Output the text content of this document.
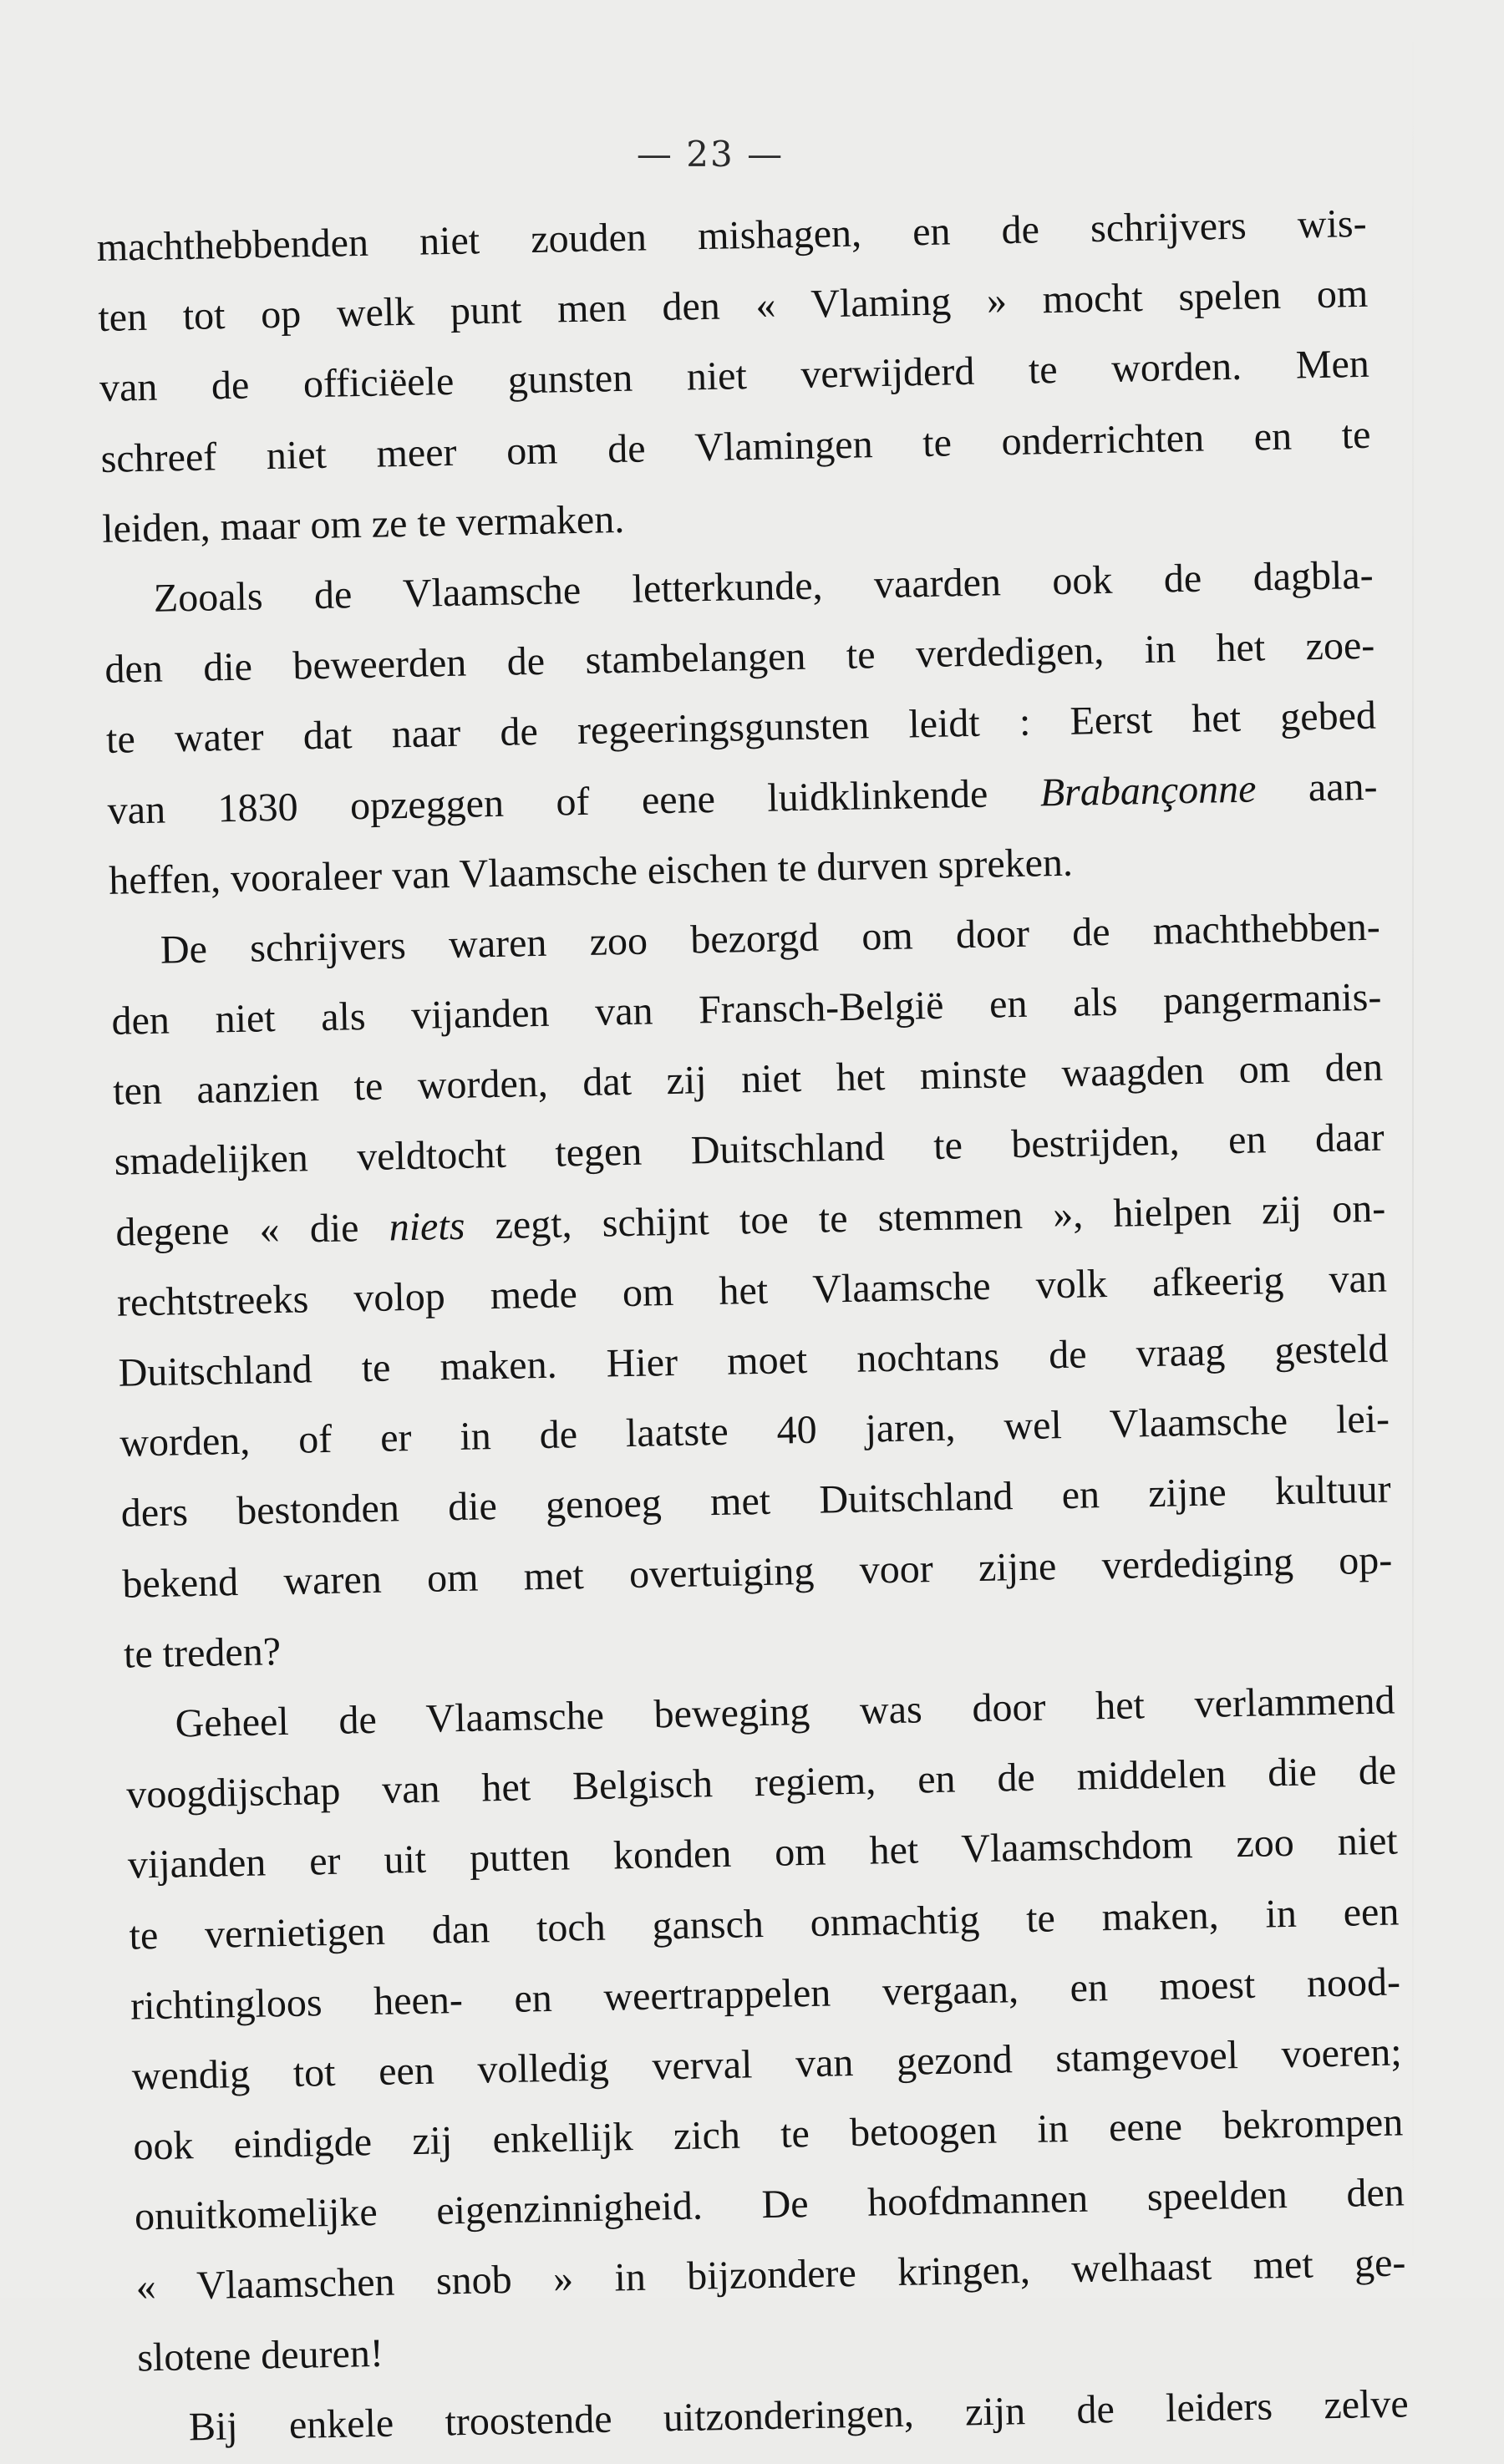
— 23 —
machthebbenden niet zouden mishagen, en de schrijvers wis-
ten tot op welk punt men den « Vlaming » mocht spelen om
van de officiëele gunsten niet verwijderd te worden. Men
schreef niet meer om de Vlamingen te onderrichten en te
leiden, maar om ze te vermaken.
Zooals de Vlaamsche letterkunde, vaarden ook de dagbla-
den die beweerden de stambelangen te verdedigen, in het zoe-
te water dat naar de regeeringsgunsten leidt : Eerst het gebed
van 1830 opzeggen of eene luidklinkende Brabançonne aan-
heffen, vooraleer van Vlaamsche eischen te durven spreken.
De schrijvers waren zoo bezorgd om door de machthebben-
den niet als vijanden van Fransch-België en als pangermanis-
ten aanzien te worden, dat zij niet het minste waagden om den
smadelijken veldtocht tegen Duitschland te bestrijden, en daar
degene « die niets zegt, schijnt toe te stemmen », hielpen zij on-
rechtstreeks volop mede om het Vlaamsche volk afkeerig van
Duitschland te maken. Hier moet nochtans de vraag gesteld
worden, of er in de laatste 40 jaren, wel Vlaamsche lei-
ders bestonden die genoeg met Duitschland en zijne kultuur
bekend waren om met overtuiging voor zijne verdediging op-
te treden?
Geheel de Vlaamsche beweging was door het verlammend
voogdijschap van het Belgisch regiem, en de middelen die de
vijanden er uit putten konden om het Vlaamschdom zoo niet
te vernietigen dan toch gansch onmachtig te maken, in een
richtingloos heen- en weertrappelen vergaan, en moest nood-
wendig tot een volledig verval van gezond stamgevoel voeren;
ook eindigde zij enkellijk zich te betoogen in eene bekrompen
onuitkomelijke eigenzinnigheid. De hoofdmannen speelden den
« Vlaamschen snob » in bijzondere kringen, welhaast met ge-
slotene deuren!
Bij enkele troostende uitzonderingen, zijn de leiders zelve
